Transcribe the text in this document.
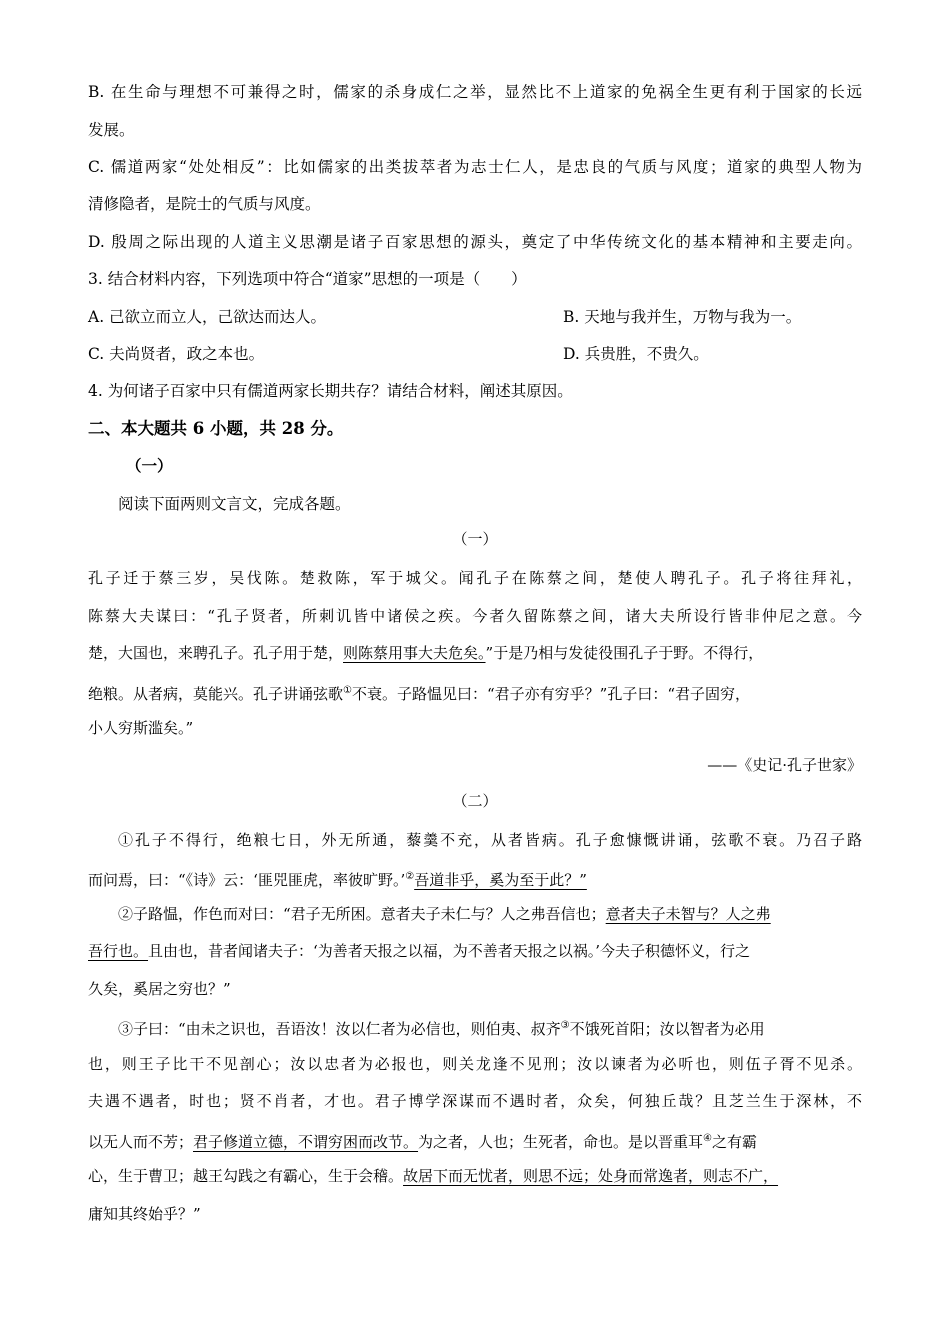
B. 在生命与理想不可兼得之时，儒家的杀身成仁之举，显然比不上道家的免祸全生更有利于国家的长远
发展。
C. 儒道两家“处处相反”：比如儒家的出类拔萃者为志士仁人，是忠良的气质与风度；道家的典型人物为
清修隐者，是院士的气质与风度。
D. 殷周之际出现的人道主义思潮是诸子百家思想的源头，奠定了中华传统文化的基本精神和主要走向。
3. 结合材料内容，下列选项中符合“道家”思想的一项是（　　）
A. 己欲立而立人，己欲达而达人。	B. 天地与我并生，万物与我为一。
C. 夫尚贤者，政之本也。	D. 兵贵胜，不贵久。
4. 为何诸子百家中只有儒道两家长期共存？请结合材料，阐述其原因。
二、本大题共 6 小题，共 28 分。
（一）
阅读下面两则文言文，完成各题。
（一）
孔子迁于蔡三岁，吴伐陈。楚救陈，军于城父。闻孔子在陈蔡之间，楚使人聘孔子。孔子将往拜礼，
陈蔡大夫谋曰：“孔子贤者，所刺讥皆中诸侯之疾。今者久留陈蔡之间，诸大夫所设行皆非仲尼之意。今
楚，大国也，来聘孔子。孔子用于楚，则陈蔡用事大夫危矣。”于是乃相与发徒役围孔子于野。不得行，
绝粮。从者病，莫能兴。孔子讲诵弦歌①不衰。子路愠见曰：“君子亦有穷乎？”孔子曰：“君子固穷，
小人穷斯滥矣。”
——《史记·孔子世家》
（二）
①孔子不得行，绝粮七日，外无所通，藜羹不充，从者皆病。孔子愈慷慨讲诵，弦歌不衰。乃召子路
而问焉，曰：“《诗》云：‘匪兕匪虎，率彼旷野。’②吾道非乎，奚为至于此？”
②子路愠，作色而对曰：“君子无所困。意者夫子未仁与？人之弗吾信也；意者夫子未智与？人之弗
吾行也。且由也，昔者闻诸夫子：‘为善者天报之以福，为不善者天报之以祸。’今夫子积德怀义，行之
久矣，奚居之穷也？”
③子曰：“由未之识也，吾语汝！汝以仁者为必信也，则伯夷、叔齐③不饿死首阳；汝以智者为必用
也，则王子比干不见剖心；汝以忠者为必报也，则关龙逢不见刑；汝以谏者为必听也，则伍子胥不见杀。
夫遇不遇者，时也；贤不肖者，才也。君子博学深谋而不遇时者，众矣，何独丘哉？且芝兰生于深林，不
以无人而不芳；君子修道立德，不谓穷困而改节。为之者，人也；生死者，命也。是以晋重耳④之有霸
心，生于曹卫；越王勾践之有霸心，生于会稽。故居下而无忧者，则思不远；处身而常逸者，则志不广，
庸知其终始乎？”
